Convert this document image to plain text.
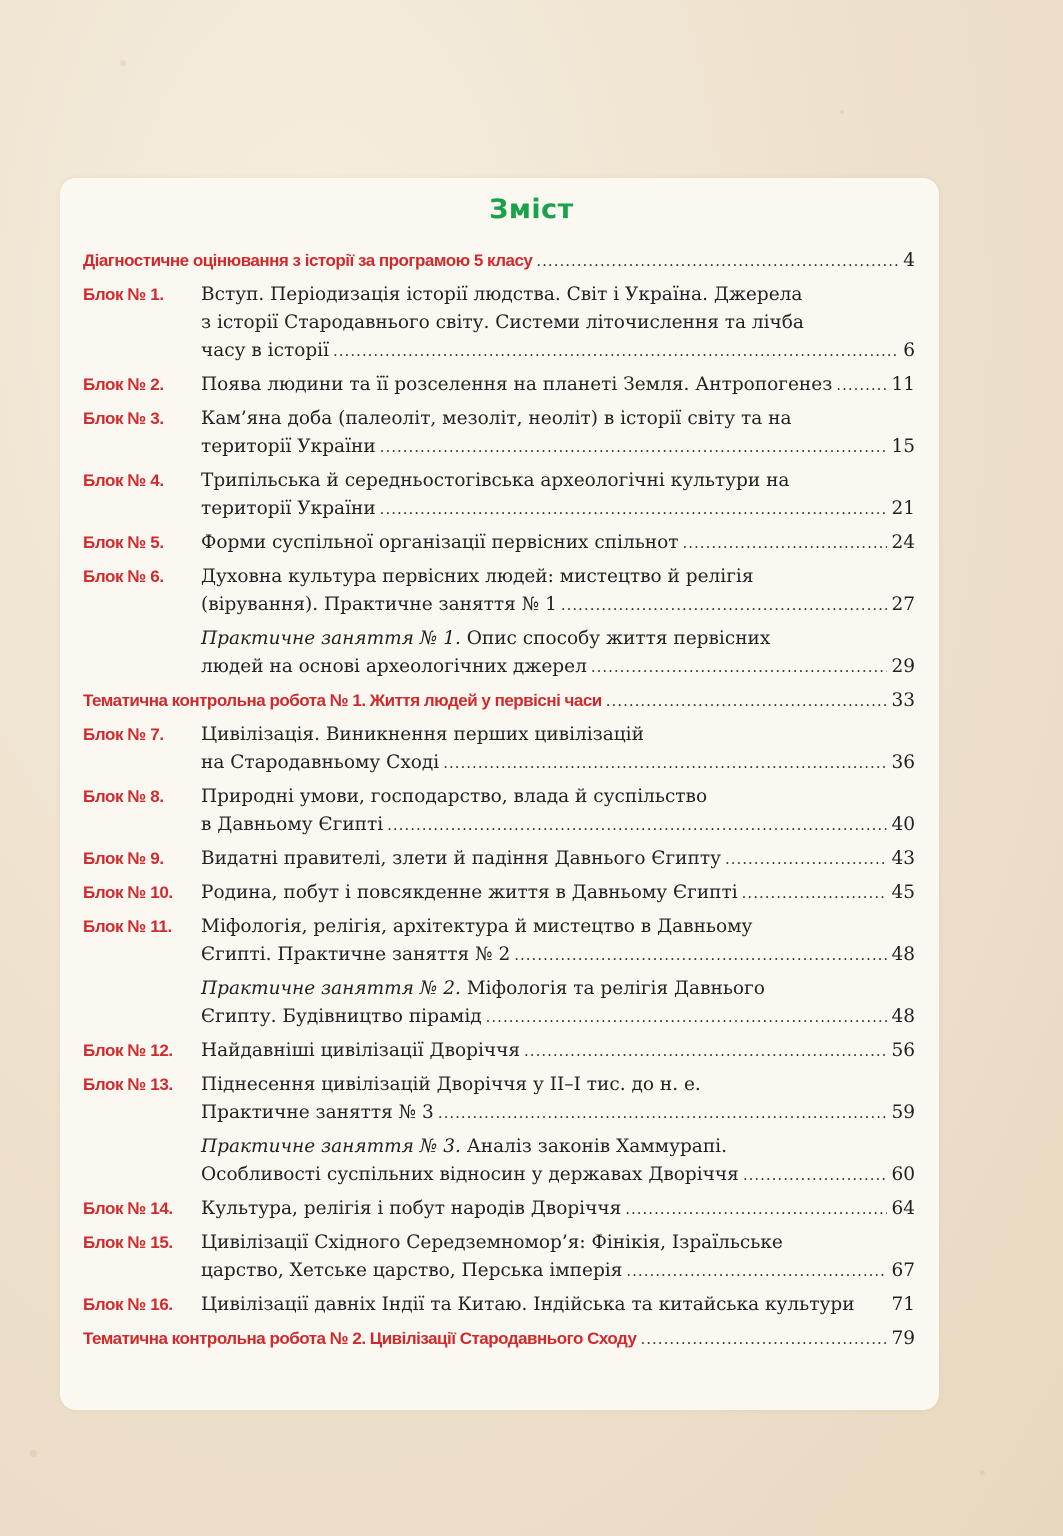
Зміст
Діагностичне оцінювання з історії за програмою 5 класу .....	4
Блок № 1.	Вступ. Періодизація історії людства. Світ і Україна. Джерела
з історії Стародавнього світу. Системи літочислення та лічба
часу в історії .....	6
Блок № 2.	Поява людини та її розселення на планеті Земля. Антропогенез .....	11
Блок № 3.	Кам’яна доба (палеоліт, мезоліт, неоліт) в історії світу та на
території України .....	15
Блок № 4.	Трипільська й середньостогівська археологічні культури на
території України .....	21
Блок № 5.	Форми суспільної організації первісних спільнот .....	24
Блок № 6.	Духовна культура первісних людей: мистецтво й релігія
(вірування). Практичне заняття № 1 .....	27
Практичне заняття № 1. Опис способу життя первісних
людей на основі археологічних джерел .....	29
Тематична контрольна робота № 1. Життя людей у первісні часи .....	33
Блок № 7.	Цивілізація. Виникнення перших цивілізацій
на Стародавньому Сході .....	36
Блок № 8.	Природні умови, господарство, влада й суспільство
в Давньому Єгипті .....	40
Блок № 9.	Видатні правителі, злети й падіння Давнього Єгипту .....	43
Блок № 10.	Родина, побут і повсякденне життя в Давньому Єгипті .....	45
Блок № 11.	Міфологія, релігія, архітектура й мистецтво в Давньому
Єгипті. Практичне заняття № 2 .....	48
Практичне заняття № 2. Міфологія та релігія Давнього
Єгипту. Будівництво пірамід .....	48
Блок № 12.	Найдавніші цивілізації Дворіччя .....	56
Блок № 13.	Піднесення цивілізацій Дворіччя у ІІ–І тис. до н. е.
Практичне заняття № 3 .....	59
Практичне заняття № 3. Аналіз законів Хаммурапі.
Особливості суспільних відносин у державах Дворіччя .....	60
Блок № 14.	Культура, релігія і побут народів Дворіччя .....	64
Блок № 15.	Цивілізації Східного Середземномор’я: Фінікія, Ізраїльське
царство, Хетське царство, Перська імперія .....	67
Блок № 16.	Цивілізації давніх Індії та Китаю. Індійська та китайська культури 71
Тематична контрольна робота № 2. Цивілізації Стародавнього Сходу .....	79
